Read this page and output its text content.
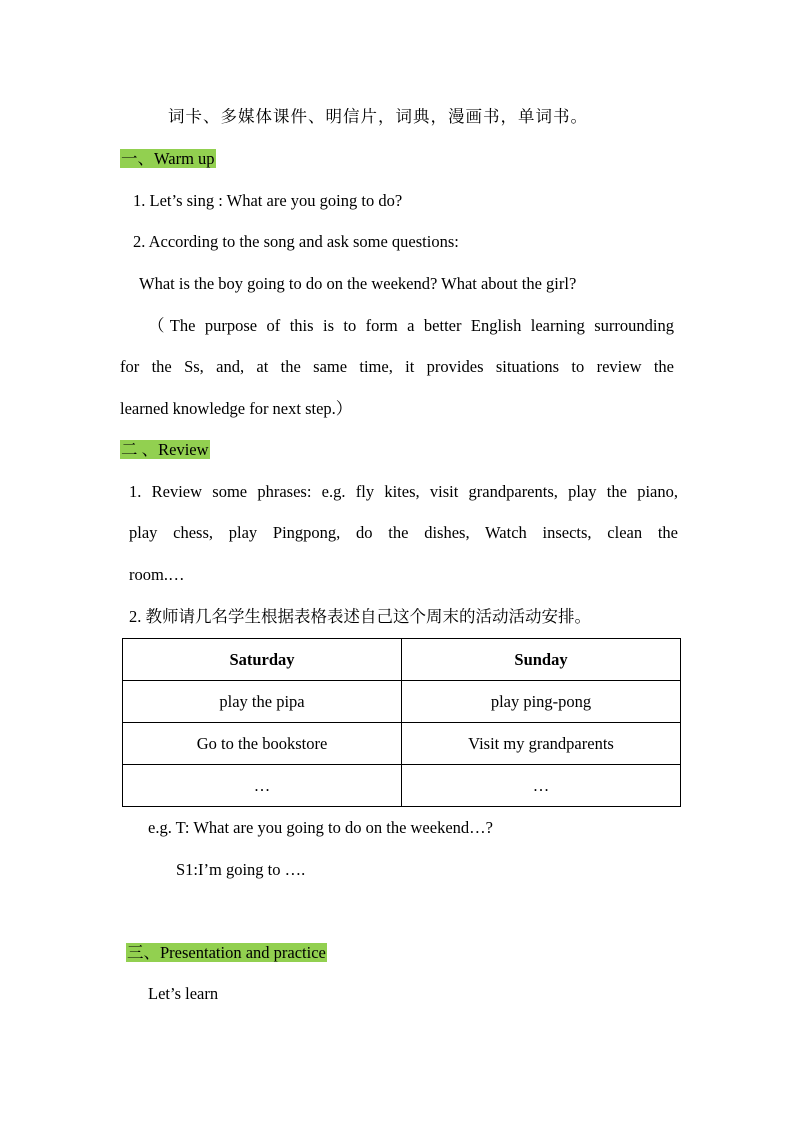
词卡、多媒体课件、明信片，词典，漫画书，单词书。
一、Warm up
1. Let’s sing : What are you going to do?
2. According to the song and ask some questions:
What is the boy going to do on the weekend? What about the girl?
（The purpose of this is to form a better English learning surrounding
for the Ss, and, at the same time, it provides situations to review the
learned knowledge for next step.）
二 、Review
1. Review some phrases: e.g. fly kites, visit grandparents, play the piano,
play chess, play Pingpong, do the dishes, Watch insects, clean the
room.…
2. 教师请几名学生根据表格表述自己这个周末的活动活动安排。
Saturday	Sunday
play the pipa	play ping-pong
Go to the bookstore	Visit my grandparents
…	…
e.g. T: What are you going to do on the weekend…?
S1:I’m going to ….
三、Presentation and practice
Let’s learn
